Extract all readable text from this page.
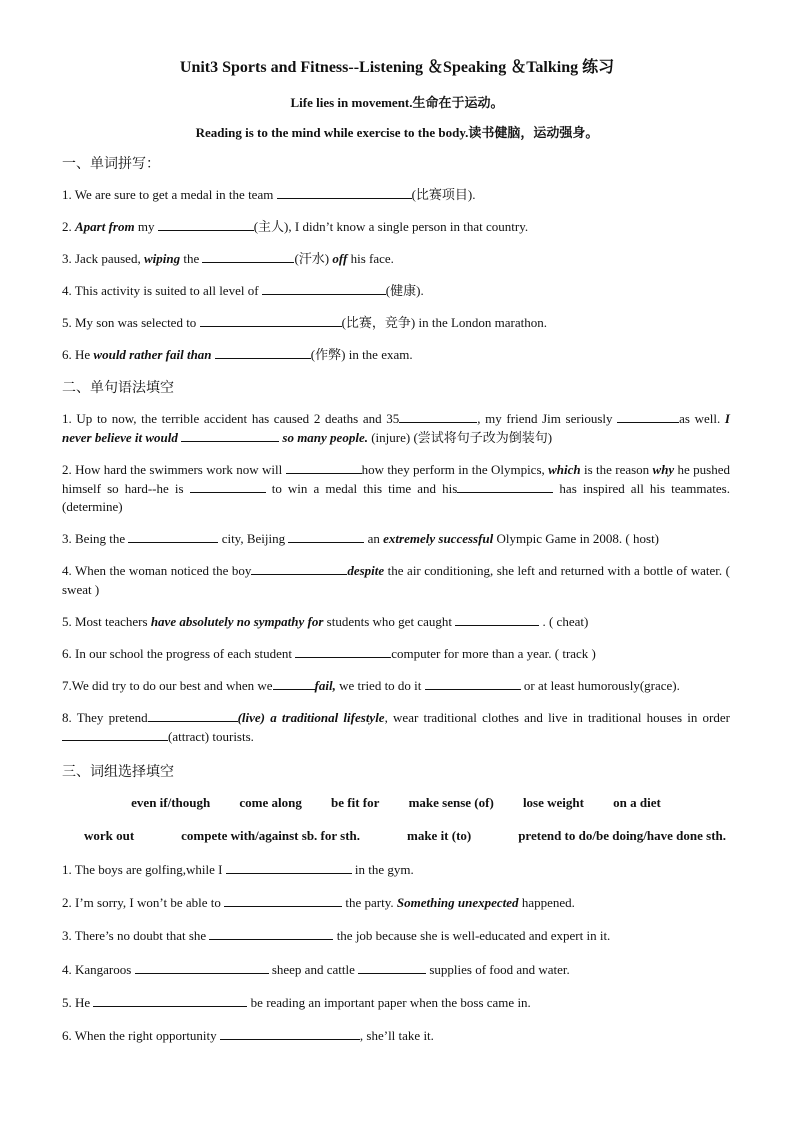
Unit3 Sports and Fitness--Listening ＆Speaking ＆Talking 练习
Life lies in movement.生命在于运动。
Reading is to the mind while exercise to the body.读书健脑，运动强身。
一、单词拼写：
1. We are sure to get a medal in the team	(比赛项目).
2. Apart from my	(主人), I didn’t know a single person in that country.
3. Jack paused, wiping the	(汗水) off his face.
4. This activity is suited to all level of	(健康).
5. My son was selected to	(比赛，竞争) in the London marathon.
6. He would rather fail than	(作弊) in the exam.
二、单句语法填空
1. Up to now, the terrible accident has caused 2 deaths and 35	, my friend Jim seriously	as well. I never believe it would	so many people. (injure) (尝试将句子改为倒装句)
2. How hard the swimmers work now will	how they perform in the Olympics, which is the reason why he pushed himself so hard--he is	to win a medal this time and his	has inspired all his teammates. (determine)
3. Being the	city, Beijing	an extremely successful Olympic Game in 2008. ( host)
4. When the woman noticed the boy	despite the air conditioning, she left and returned with a bottle of water. ( sweat )
5. Most teachers have absolutely no sympathy for students who get caught	. ( cheat)
6. In our school the progress of each student	computer for more than a year. ( track )
7.We did try to do our best and when we	fail, we tried to do it	or at least humorously(grace).
8. They pretend	(live) a traditional lifestyle, wear traditional clothes and live in traditional houses in order(attract) tourists.
三、词组选择填空
even if/though come along be fit for make sense (of) lose weight on a diet
work out	compete with/against sb. for sth.	make it (to)	pretend to do/be doing/have done sth.
1. The boys are golfing,while I	in the gym.
2. I’m sorry, I won’t be able to	the party. Something unexpected happened.
3. There’s no doubt that she	the job because she is well-educated and expert in it.
4. Kangaroos	sheep and cattle	supplies of food and water.
5. He	be reading an important paper when the boss came in.
6. When the right opportunity	, she’ll take it.
